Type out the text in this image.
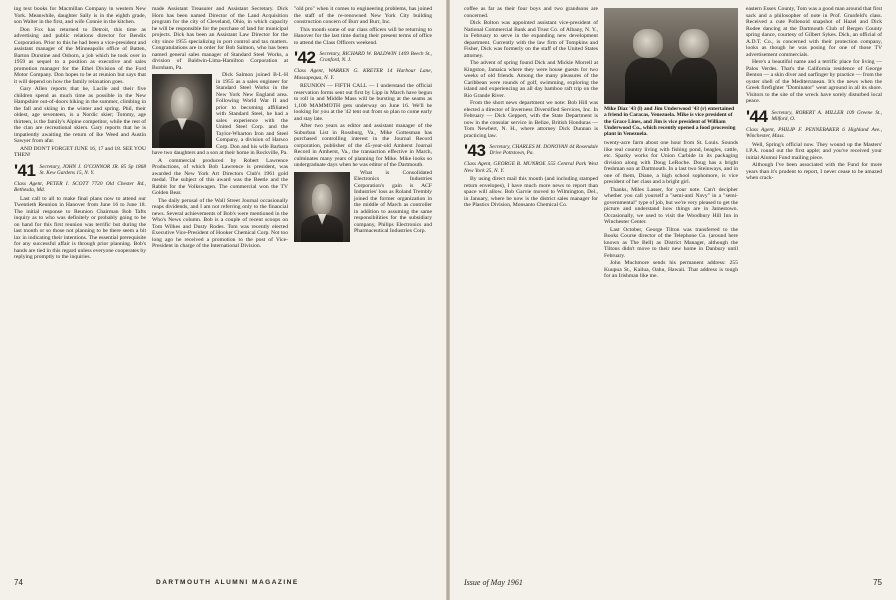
ing text books for Macmillan Company in western New York. Meanwhile, daughter Sally is in the eighth grade, son Walter in the first, and wife Connie in the kitchen.

Don Fox has returned to Detroit, this time as advertising and public relations director for Bendix Corporation. Prior to this he had been a vice-president and assistant manager of the Minneapolis office of Batten, Barton Durstine and Osborn, a job which he took over in 1959 as sequel to a position as executive and sales promotion manager for the Ethel Division of the Ford Motor Company. Don hopes to be at reunion but says that it will depend on how the family relaxation goes.

Gary Allen reports that he, Lucile and their five children spend as much time as possible in the New Hampshire out-of-doors hiking in the summer, climbing in the fall and skiing in the winter and spring. Phil, their oldest, age seventeen, is a Nordic skier; Tommy, age thirteen, is the family's Alpine competitor, while the rest of the clan are recreational skiers. Gary reports that he is impatiently awaiting the return of Ike Weed and Austin Sawyer from afar.

AND DON'T FORGET JUNE 16, 17 and 18. SEE YOU THEN!

'41 Secretary, JOHN J. O'CONNOR JR. 85 Sp 1868 St. Kew Gardens 15, N. Y.
Class Agent, PETER I. SCOTT 7720 Old Chester Rd., Bethesda, Md.

Last call to all to make final plans now to attend our Twentieth Reunion in Hanover from June 16 to June 18. The initial response to Reunion Chairman Bob Tafts inquiry as to who was definitely or probably going to be on hand for this first reunion was terrific but during the last month or so those not planning to be there seem a bit lax in indicating their intentions. The essential prerequisite for any successful affair is through prior planning. Bob's hands are tied in this regard unless everyone cooperates by replying promptly to the inquiries.

made Assistant Treasurer and Assistant Secretary. Dick Horn has been named Director of the Land Acquisition program for the city of Cleveland, Ohio, in which capacity he will be responsible for the purchase of land for municipal projects. Dick has been an Assistant Law Director for the city since 1955 specializing in port control and tax matters. Congratulations are in order for Bob Salmon, who has been named general sales manager of Standard Steel Works, a division of Baldwin-Lima-Hamilton Corporation at Burnham, Pa.

Dick Salmon joined B-L-H in 1955 as a sales engineer for Standard Steel Works in the New York New England area. Following World War II and prior to becoming affiliated with Standard Steel, he had a sales experience with the United Steel Corp. and the Taylor-Wharton Iron and Steel Company, a division of Harsco Corp. Don and his wife Barbara have two daughters and a son at their home in Rockville, Pa.

A commercial produced by Robert Lawrence Productions, of which Bob Lawrence is president, was awarded the New York Art Directors Club's 1961 gold medal. The subject of this award was the Beetle and the Rabbit for the Volkswagen. The commercial won the TV Golden Bear.

The daily perusal of the Wall Street Journal occasionally reaps dividends, and I am not referring only to the financial news. Several achievements of Bob's were mentioned in the Who's News column. Bob is a couple of recent scoops on Tom Wilkes and Dusty Rodes. Tom was recently elected Executive Vice-President of Hooker Chemical Corp. Not too long ago he received a promotion to the post of Vice-President in charge of the International Division.

"old pro" when it comes to engineering problems, has joined the staff of the re-renowned New York City building construction concern of Burr and Burr, Inc.

This month some of our class officers will be returning to Hanover for the last time during their present terms of office to attend the Class Officers weekend.

'42 Secretary, RICHARD W. BALDWIN 1409 Beech St., Cranford, N. J.
Class Agent, WARREN G. KRETER 14 Harbour Lane, Massapequa, N. Y.

REUNION — FIFTH CALL — I understand the official reservation forms sent out first by Lipp in March have begun to roll in and Middle Mass will be bursting at the seams as 1,100 MAMMOTH gets underway on June 16. We'll be looking for you at the '42 tent out front so plan to come early and stay late.

After two years as editor and assistant manager of the Suburban List in Rossburg, Va., Mike Gottesman has purchased controlling interest in the Journal Record corporation, publisher of the 45-year-old Amherst Journal Record in Amherst, Va., the transaction effective in March, culminates many years of planning for Mike. Mike looks so undergraduate days when he was editor of the Dartmouth.

What is Consolidated Electronics Industries Corporation's gain is ACF Industries' loss as Roland Trembly joined the former organization in the middle of March as controller in addition to assuming the same responsibilities for the subsidiary company, Philips Electronics and Pharmaceutical Industries Corp.

74	DARTMOUTH ALUMNI MAGAZINE

coffee as far as their four boys and two grandsons are concerned.

Dick Bolton was appointed assistant vice-president of National Commercial Bank and Trust Co. of Albany, N. Y., in February to serve in the expanding new development department. Currently with the law firm of Tompkins and Fisher, Dick was formerly on the staff of the United States attorney.

The advent of spring found Dick and Mickie Morrell at Kingston, Jamaica where they were house guests for two weeks of old friends. Among the many pleasures of the Caribbean were rounds of golf, swimming, exploring the island and experiencing an all day bamboo raft trip on the Rio Grande River.

From the short news department we note: Bob Hill was elected a director of Inverness Diversified Services, Inc. In February — Dick Geppert, with the State Department is now in the consular service in Belize, British Honduras — Tom Newbert, N. H., where attorney Dick Dunnan is practicing law.

'43 Secretary, CHARLES M. DONOVAN 44 Rosendale Drive Pottstown, Pa.
Class Agent, GEORGE B. MUNROE 555 Central Park West New York 25, N. Y.

By using direct mail this month (and including stamped return envelopes), I have much more news to report than space will allow. Bob Garvie moved to Wilmington, Del., in January, where he now is the district sales manager for the Plastics Division, Monsanto Chemical Co.

Mike Diaz '43 (l) and Jim Underwood '43 (r) entertained a friend in Caracas, Venezuela. Mike is vice president of the Grace Lines, and Jim is vice president of William Underwood Co., which recently opened a food processing plant in Venezuela.

twenty-acre farm about one hour from St. Louis. Sounds like real country living with fishing pond, beagles, cattle, etc. Sparky works for Union Carbide in its packaging division along with Doug LeRoche. Doug has a bright freshman son at Dartmouth. In a last two Steinways, and in one of them, Diane, a high school sophomore, is vice president of her class and a bright girl.

Thanks, Miles Lasser, for your note. Can't decipher whether you call yourself a "semi-anti Navy" in a "semi-governmental" type of job, but we're very pleased to get the picture and understand how things are in Jamestown. Occasionally, we used to visit the Woodbury Hill Inn in Winchester Center.

Last October, George Tilton was transferred to the Books Course director of the Telephone Co. (around here known as The Bell) as District Manager, although the Tiltons didn't move to their new home in Danbury until February.

John Muchmore sends his permanent address: 255 Kuupua St., Kailua, Oahu, Hawaii. That address is tough for an Irishman like me.

eastern Essex County, Tom was a good man around that first sack and a philosopher of note in Prof. Grunfeld's class. Received a cute Pollenoid snapshot of Hazel and Dick Rodee dancing at the Dartmouth Club of Bergen County spring dance, courtesy of Gilbert Sykes. Dick, an official of A.D.T. Co., is concerned with their protection company, looks as though he was posing for one of those TV advertisement commercials.

Here's a beautiful name and a terrific place for living — Palos Verdes. That's the California residence of George Benton — a skin diver and oarfinger by practice — from the oyster shell of the Mediterranean. It's the news when the Greek firefighter "Dominator" went aground in all its shore. Visitors to the site of the wreck have sorely disturbed local peace.

'44 Secretary, ROBERT A. MILLER 109 Greene St., Milford, O.
Class Agent, PHILIP F. PENNEBAKER 6 Highland Ave., Winchester, Mass.

Well, Spring's official now. They wound up the Masters' I.P.A. round out the first apple; and you've received your initial Alumni Fund mailing piece.

Although I've been associated with the Fund for more years than it's prudent to report, I never cease to be amazed when crack-

Issue of May 1961	75
